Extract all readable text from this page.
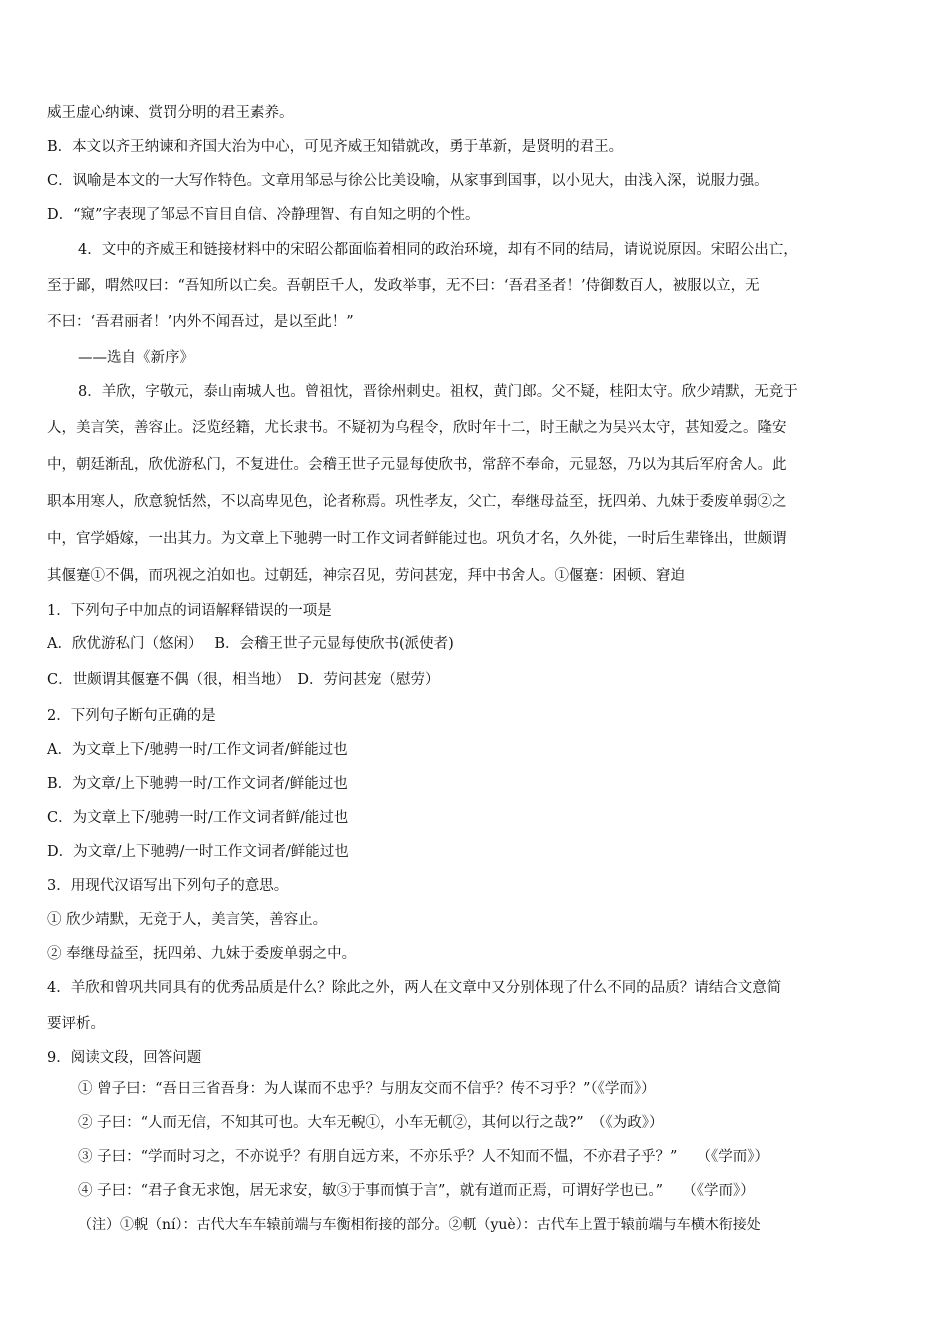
威王虚心纳谏、赏罚分明的君王素养。
B．本文以齐王纳谏和齐国大治为中心，可见齐威王知错就改，勇于革新，是贤明的君王。
C．讽喻是本文的一大写作特色。文章用邹忌与徐公比美设喻，从家事到国事，以小见大，由浅入深，说服力强。
D．“窥”字表现了邹忌不盲目自信、冷静理智、有自知之明的个性。
4．文中的齐威王和链接材料中的宋昭公都面临着相同的政治环境，却有不同的结局，请说说原因。宋昭公出亡，
至于鄙，喟然叹曰：“吾知所以亡矣。吾朝臣千人，发政举事，无不曰：‘吾君圣者！’侍御数百人，被服以立，无
不曰：‘吾君丽者！’内外不闻吾过，是以至此！”
——选自《新序》
8．羊欣，字敬元，泰山南城人也。曾祖忱，晋徐州刺史。祖权，黄门郎。父不疑，桂阳太守。欣少靖默，无竞于
人，美言笑，善容止。泛览经籍，尤长隶书。不疑初为乌程令，欣时年十二，时王献之为吴兴太守，甚知爱之。隆安
中，朝廷渐乱，欣优游私门，不复进仕。会稽王世子元显每使欣书，常辞不奉命，元显怒，乃以为其后军府舍人。此
职本用寒人，欣意貌恬然，不以高卑见色，论者称焉。巩性孝友，父亡，奉继母益至，抚四弟、九妹于委废单弱②之
中，官学婚嫁，一出其力。为文章上下驰骋一时工作文词者鲜能过也。巩负才名，久外徙，一时后生辈锋出，世颇谓
其偃蹇①不偶，而巩视之泊如也。过朝廷，神宗召见，劳问甚宠，拜中书舍人。①偃蹇：困顿、窘迫
1．下列句子中加点的词语解释错误的一项是
A．欣优游私门（悠闲）　 B．会稽王世子元显每使欣书(派使者)
C．世颇谓其偃蹇不偶（很，相当地）　D．劳问甚宠（慰劳）
2．下列句子断句正确的是
A．为文章上下/驰骋一时/工作文词者/鲜能过也
B．为文章/上下驰骋一时/工作文词者/鲜能过也
C．为文章上下/驰骋一时/工作文词者鲜/能过也
D．为文章/上下驰骋/一时工作文词者/鲜能过也
3．用现代汉语写出下列句子的意思。
① 欣少靖默，无竞于人，美言笑，善容止。
② 奉继母益至，抚四弟、九妹于委废单弱之中。
4．羊欣和曾巩共同具有的优秀品质是什么？除此之外，两人在文章中又分别体现了什么不同的品质？请结合文意简
要评析。
9．阅读文段，回答问题
① 曾子曰：“吾日三省吾身：为人谋而不忠乎？与朋友交而不信乎？传不习乎？”（《学而》）
② 子曰：“人而无信，不知其可也。大车无輗①，小车无軏②，其何以行之哉?”　（《为政》）
③ 子曰：“学而时习之，不亦说乎？有朋自远方来，不亦乐乎？人不知而不愠，不亦君子乎？”　 （《学而》）
④ 子曰：“君子食无求饱，居无求安，敏③于事而慎于言”，就有道而正焉，可谓好学也已。”　 （《学而》）
（注）①輗（ní）：古代大车车辕前端与车衡相衔接的部分。②軏（yuè）：古代车上置于辕前端与车横木衔接处
